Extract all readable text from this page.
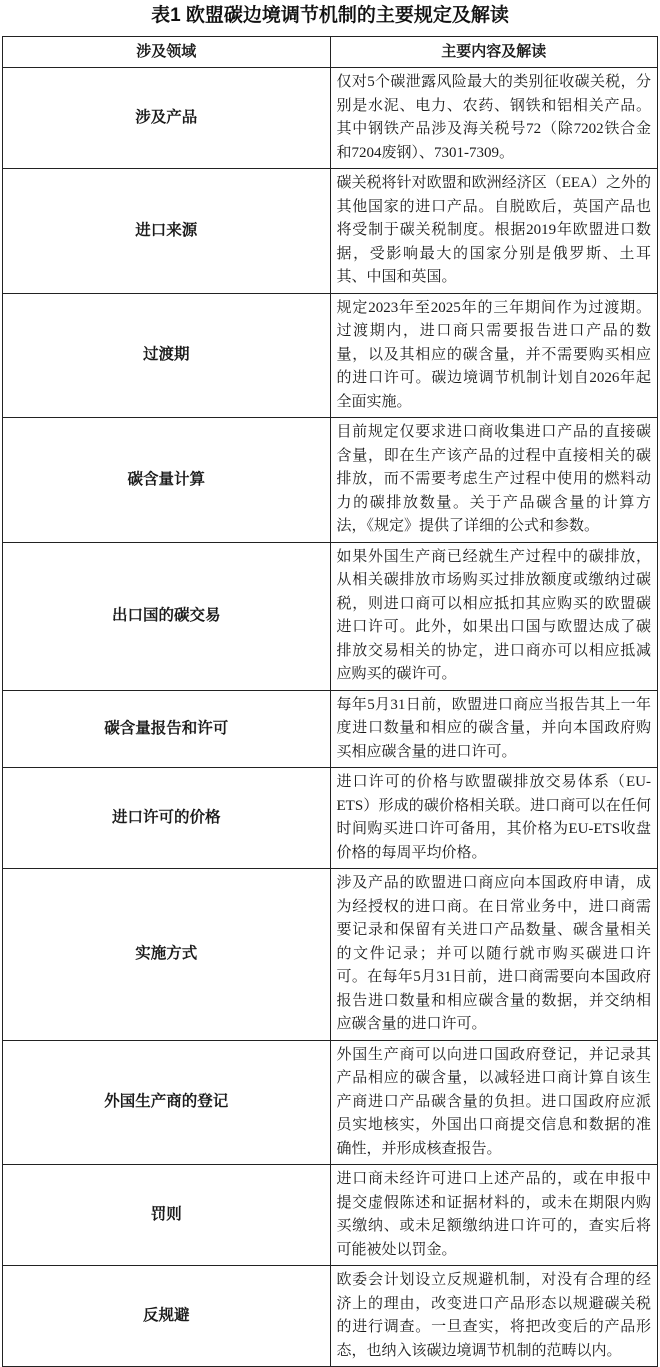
表1 欧盟碳边境调节机制的主要规定及解读
涉及领域	主要内容及解读
涉及产品	仅对5个碳泄露风险最大的类别征收碳关税，分别是水泥、电力、农药、钢铁和铝相关产品。其中钢铁产品涉及海关税号72（除7202铁合金和7204废钢）、7301-7309。
进口来源	碳关税将针对欧盟和欧洲经济区（EEA）之外的其他国家的进口产品。自脱欧后，英国产品也将受制于碳关税制度。根据2019年欧盟进口数据，受影响最大的国家分别是俄罗斯、土耳其、中国和英国。
过渡期	规定2023年至2025年的三年期间作为过渡期。过渡期内，进口商只需要报告进口产品的数量，以及其相应的碳含量，并不需要购买相应的进口许可。碳边境调节机制计划自2026年起全面实施。
碳含量计算	目前规定仅要求进口商收集进口产品的直接碳含量，即在生产该产品的过程中直接相关的碳排放，而不需要考虑生产过程中使用的燃料动力的碳排放数量。关于产品碳含量的计算方法，《规定》提供了详细的公式和参数。
出口国的碳交易	如果外国生产商已经就生产过程中的碳排放，从相关碳排放市场购买过排放额度或缴纳过碳税，则进口商可以相应抵扣其应购买的欧盟碳进口许可。此外，如果出口国与欧盟达成了碳排放交易相关的协定，进口商亦可以相应抵减应购买的碳许可。
碳含量报告和许可	每年5月31日前，欧盟进口商应当报告其上一年度进口数量和相应的碳含量，并向本国政府购买相应碳含量的进口许可。
进口许可的价格	进口许可的价格与欧盟碳排放交易体系（EU-ETS）形成的碳价格相关联。进口商可以在任何时间购买进口许可备用，其价格为EU-ETS收盘价格的每周平均价格。
实施方式	涉及产品的欧盟进口商应向本国政府申请，成为经授权的进口商。在日常业务中，进口商需要记录和保留有关进口产品数量、碳含量相关的文件记录；并可以随行就市购买碳进口许可。在每年5月31日前，进口商需要向本国政府报告进口数量和相应碳含量的数据，并交纳相应碳含量的进口许可。
外国生产商的登记	外国生产商可以向进口国政府登记，并记录其产品相应的碳含量，以减轻进口商计算自该生产商进口产品碳含量的负担。进口国政府应派员实地核实，外国出口商提交信息和数据的准确性，并形成核查报告。
罚则	进口商未经许可进口上述产品的，或在申报中提交虚假陈述和证据材料的，或未在期限内购买缴纳、或未足额缴纳进口许可的，查实后将可能被处以罚金。
反规避	欧委会计划设立反规避机制，对没有合理的经济上的理由，改变进口产品形态以规避碳关税的进行调查。一旦查实，将把改变后的产品形态，也纳入该碳边境调节机制的范畴以内。
